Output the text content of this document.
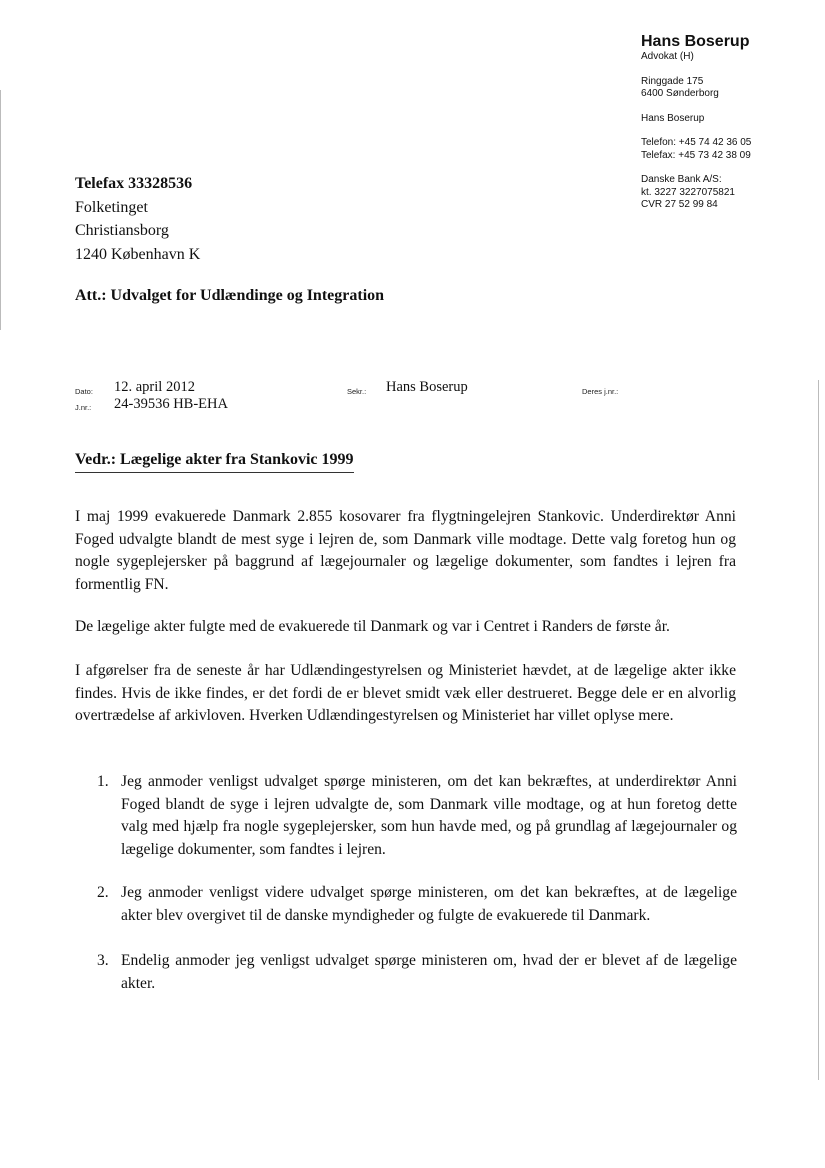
Hans Boserup
Advokat (H)
Ringgade 175
6400 Sønderborg
Hans Boserup
Telefon: +45 74 42 36 05
Telefax: +45 73 42 38 09
Danske Bank A/S:
kt. 3227 3227075821
CVR 27 52 99 84
Telefax 33328536
Folketinget
Christiansborg
1240 København K
Att.: Udvalget for Udlændinge og Integration
Dato: 12. april 2012
J.nr.: 24-39536 HB-EHA
Sekr.: Hans Boserup	Deres j.nr.:
Vedr.: Lægelige akter fra Stankovic 1999

I maj 1999 evakuerede Danmark 2.855 kosovarer fra flygtningelejren Stankovic. Underdirektør Anni Foged udvalgte blandt de mest syge i lejren de, som Danmark ville modtage. Dette valg foretog hun og nogle sygeplejersker på baggrund af lægejournaler og lægelige dokumenter, som fandtes i lejren fra formentlig FN.

De lægelige akter fulgte med de evakuerede til Danmark og var i Centret i Randers de første år.

I afgørelser fra de seneste år har Udlændingestyrelsen og Ministeriet hævdet, at de lægelige akter ikke findes. Hvis de ikke findes, er det fordi de er blevet smidt væk eller destrueret. Begge dele er en alvorlig overtrædelse af arkivloven. Hverken Udlændingestyrelsen og Ministeriet har villet oplyse mere.

1. Jeg anmoder venligst udvalget spørge ministeren, om det kan bekræftes, at underdirektør Anni Foged blandt de syge i lejren udvalgte de, som Danmark ville modtage, og at hun foretog dette valg med hjælp fra nogle sygeplejersker, som hun havde med, og på grundlag af lægejournaler og lægelige dokumenter, som fandtes i lejren.
2. Jeg anmoder venligst videre udvalget spørge ministeren, om det kan bekræftes, at de lægelige akter blev overgivet til de danske myndigheder og fulgte de evakuerede til Danmark.
3. Endelig anmoder jeg venligst udvalget spørge ministeren om, hvad der er blevet af de lægelige akter.
